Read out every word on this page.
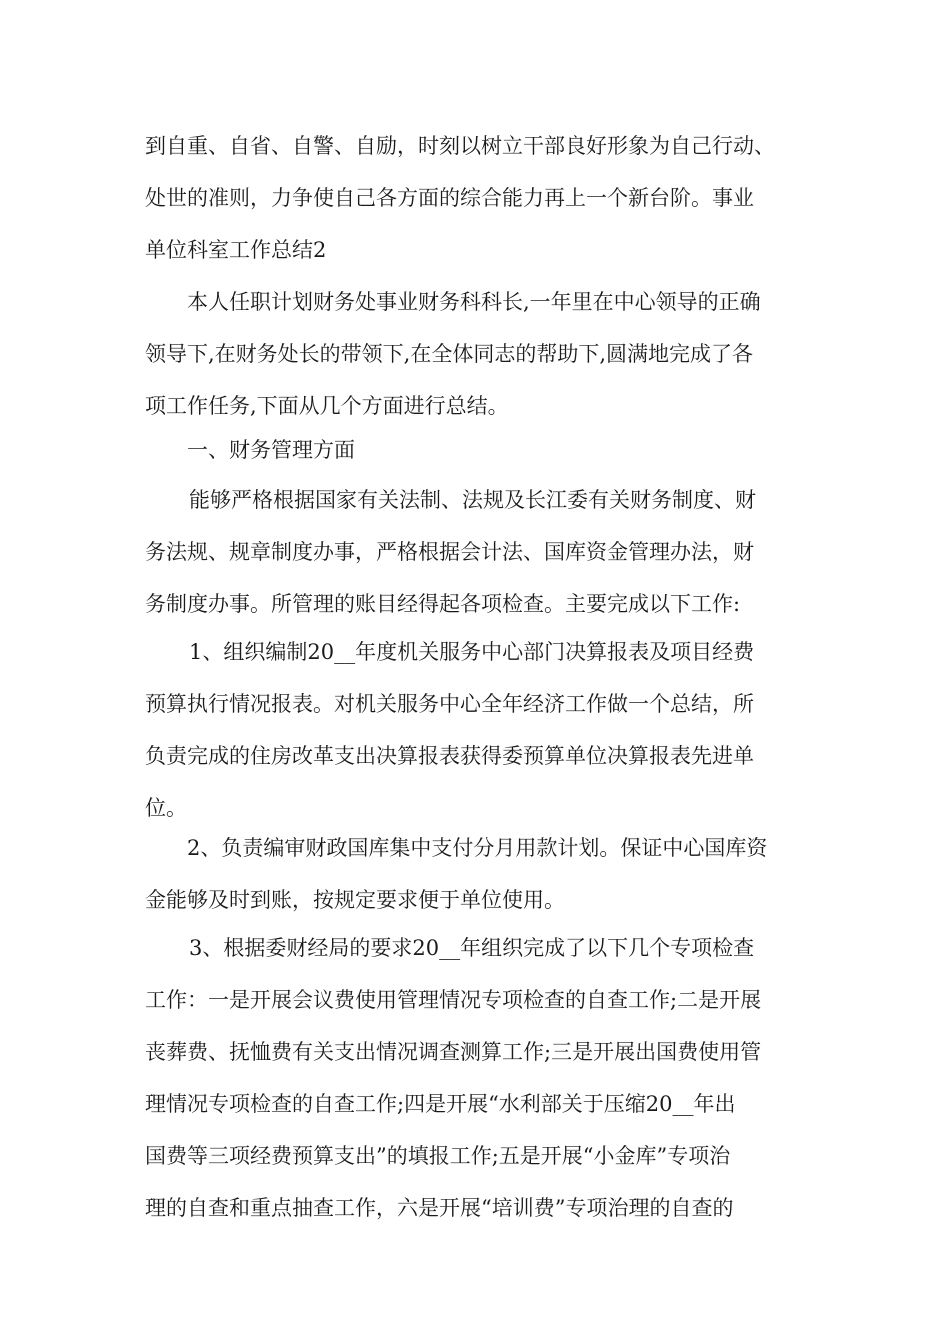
到自重、自省、自警、自励，时刻以树立干部良好形象为自己行动、
处世的准则，力争使自己各方面的综合能力再上一个新台阶。事业
单位科室工作总结2
本人任职计划财务处事业财务科科长,一年里在中心领导的正确
领导下,在财务处长的带领下,在全体同志的帮助下,圆满地完成了各
项工作任务,下面从几个方面进行总结。
一、财务管理方面
能够严格根据国家有关法制、法规及长江委有关财务制度、财
务法规、规章制度办事，严格根据会计法、国库资金管理办法，财
务制度办事。所管理的账目经得起各项检查。主要完成以下工作:
1、组织编制20__年度机关服务中心部门决算报表及项目经费
预算执行情况报表。对机关服务中心全年经济工作做一个总结，所
负责完成的住房改革支出决算报表获得委预算单位决算报表先进单
位。
2、负责编审财政国库集中支付分月用款计划。保证中心国库资
金能够及时到账，按规定要求便于单位使用。
3、根据委财经局的要求20__年组织完成了以下几个专项检查
工作：一是开展会议费使用管理情况专项检查的自查工作;二是开展
丧葬费、抚恤费有关支出情况调查测算工作;三是开展出国费使用管
理情况专项检查的自查工作;四是开展“水利部关于压缩20__年出
国费等三项经费预算支出”的填报工作;五是开展“小金库”专项治
理的自查和重点抽查工作，六是开展“培训费”专项治理的自查的
